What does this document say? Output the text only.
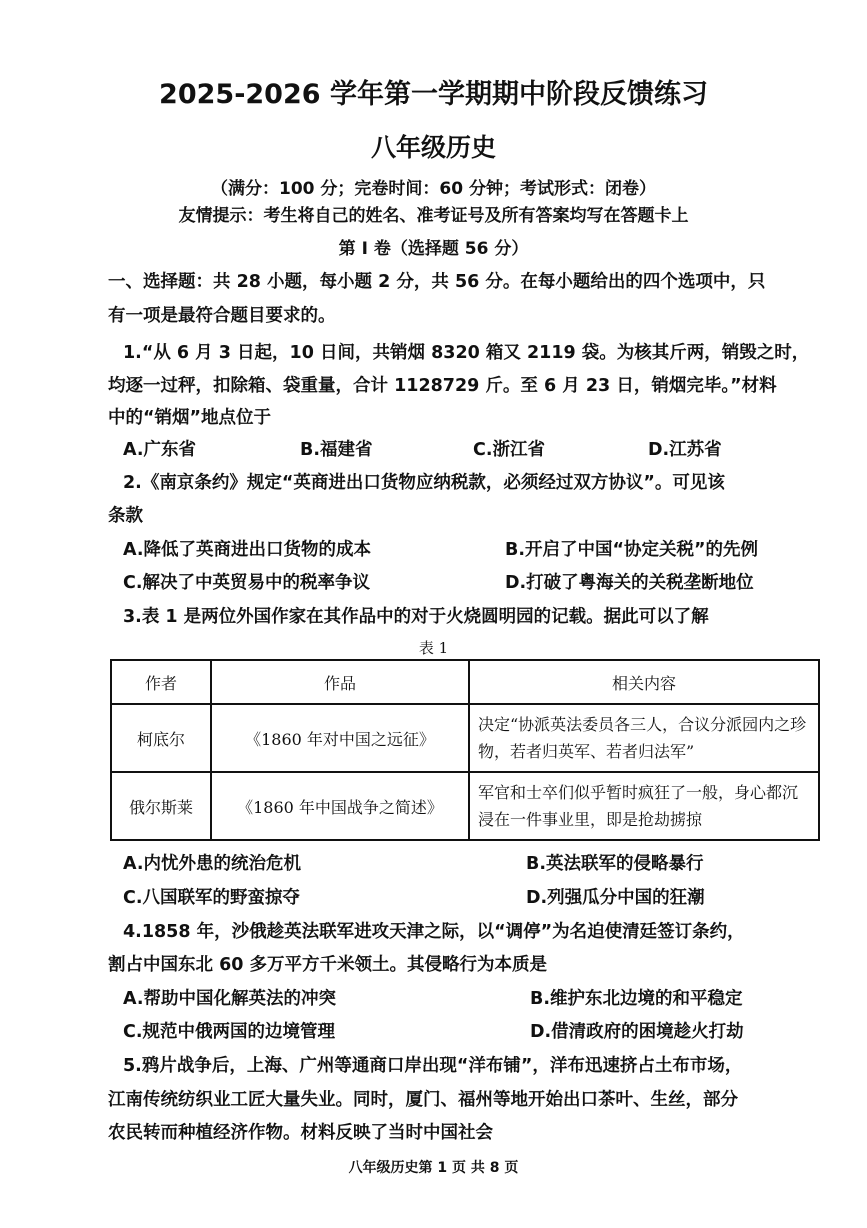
2025-2026 学年第一学期期中阶段反馈练习
八年级历史
（满分：100 分；完卷时间：60 分钟；考试形式：闭卷）
友情提示：考生将自己的姓名、准考证号及所有答案均写在答题卡上
第 Ⅰ 卷（选择题 56 分）
一、选择题：共 28 小题，每小题 2 分，共 56 分。在每小题给出的四个选项中，只
有一项是最符合题目要求的。
1.“从 6 月 3 日起，10 日间，共销烟 8320 箱又 2119 袋。为核其斤两，销毁之时，
均逐一过秤，扣除箱、袋重量，合计 1128729 斤。至 6 月 23 日，销烟完毕。”材料
中的“销烟”地点位于
A.广东省	B.福建省	C.浙江省	D.江苏省
2.《南京条约》规定“英商进出口货物应纳税款，必须经过双方协议”。可见该
条款
A.降低了英商进出口货物的成本	B.开启了中国“协定关税”的先例
C.解决了中英贸易中的税率争议	D.打破了粤海关的关税垄断地位
3.表 1 是两位外国作家在其作品中的对于火烧圆明园的记载。据此可以了解
表 1
作者	作品	相关内容
柯底尔	《1860 年对中国之远征》	决定“协派英法委员各三人，合议分派园内之珍物，若者归英军、若者归法军”
俄尔斯莱	《1860 年中国战争之简述》	军官和士卒们似乎暂时疯狂了一般，身心都沉浸在一件事业里，即是抢劫掳掠
A.内忧外患的统治危机	B.英法联军的侵略暴行
C.八国联军的野蛮掠夺	D.列强瓜分中国的狂潮
4.1858 年，沙俄趁英法联军进攻天津之际，以“调停”为名迫使清廷签订条约，
割占中国东北 60 多万平方千米领土。其侵略行为本质是
A.帮助中国化解英法的冲突	B.维护东北边境的和平稳定
C.规范中俄两国的边境管理	D.借清政府的困境趁火打劫
5.鸦片战争后，上海、广州等通商口岸出现“洋布铺”，洋布迅速挤占土布市场，
江南传统纺织业工匠大量失业。同时，厦门、福州等地开始出口茶叶、生丝，部分
农民转而种植经济作物。材料反映了当时中国社会
八年级历史第 1 页 共 8 页
